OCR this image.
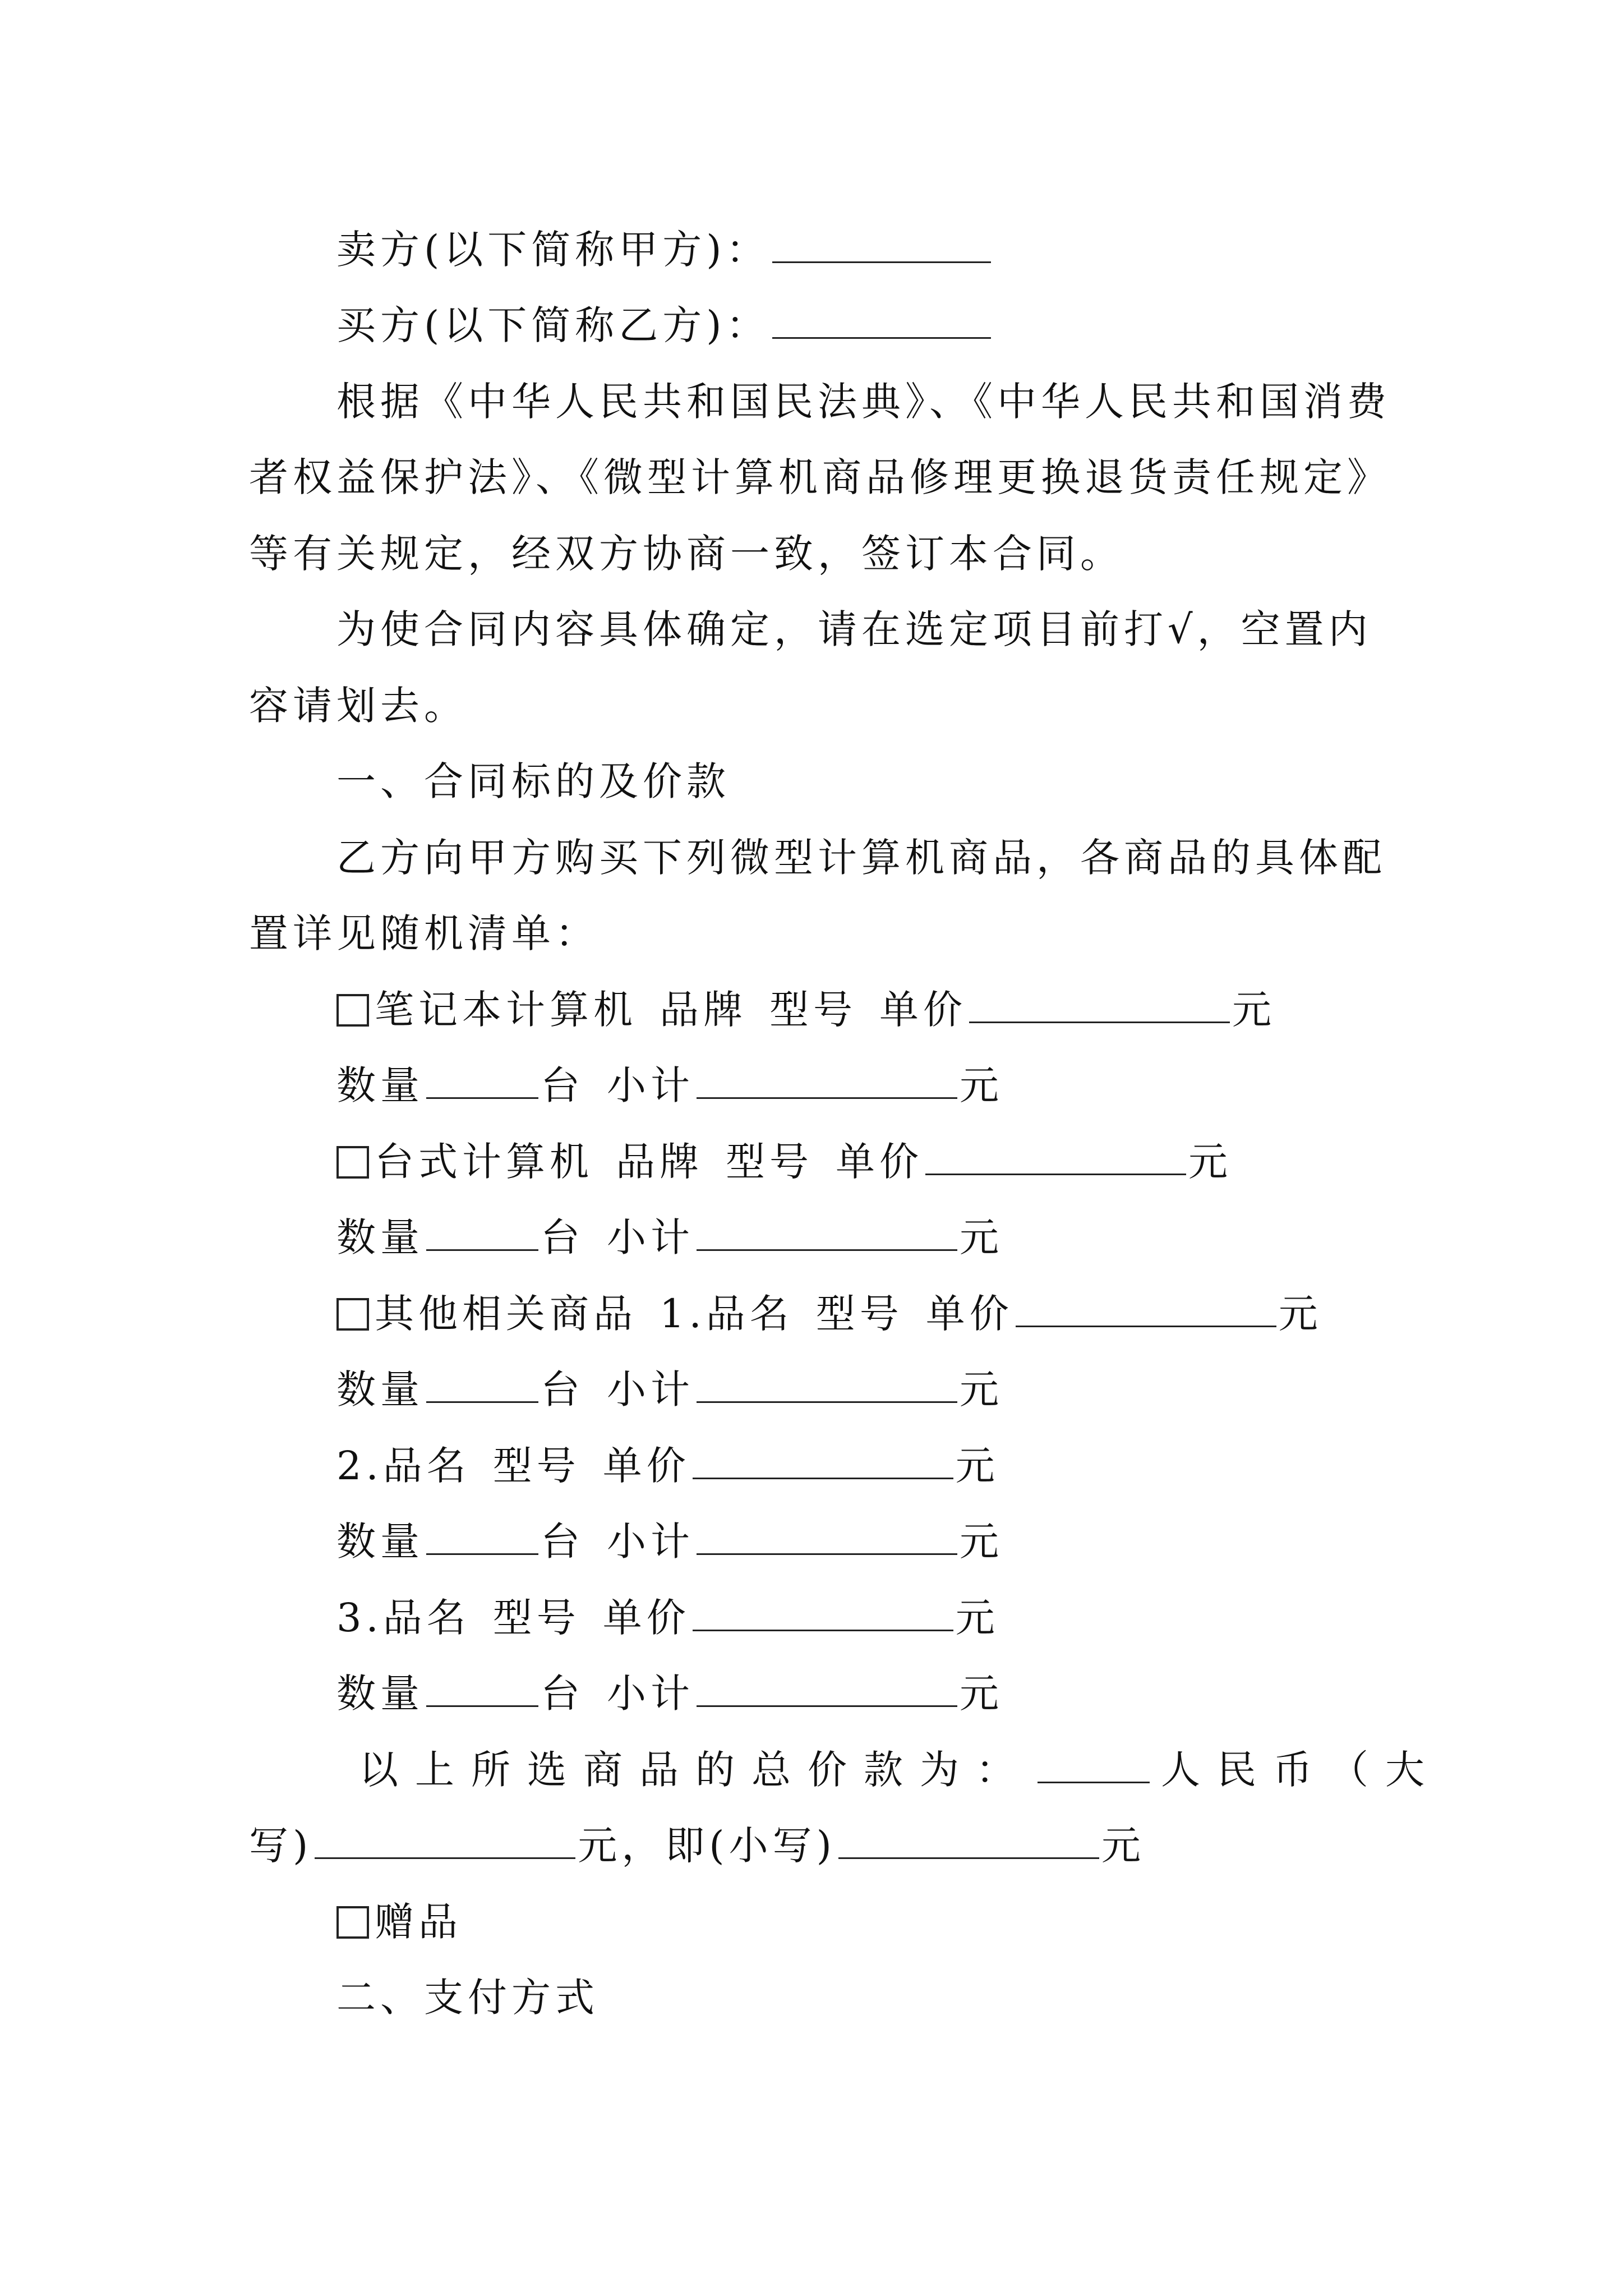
卖方(以下简称甲方)：
买方(以下简称乙方)：
根据《中华人民共和国民法典》、《中华人民共和国消费
者权益保护法》、《微型计算机商品修理更换退货责任规定》
等有关规定，经双方协商一致，签订本合同。
为使合同内容具体确定，请在选定项目前打√，空置内
容请划去。
一、合同标的及价款
乙方向甲方购买下列微型计算机商品，各商品的具体配
置详见随机清单：
笔记本计算机 品牌 型号 单价	元
数量	台 小计	元
台式计算机 品牌 型号 单价	元
数量	台 小计	元
其他相关商品 1.品名 型号 单价	元
数量	台 小计	元
2.品名 型号 单价	元
数量	台 小计	元
3.品名 型号 单价	元
数量	台 小计	元
以上所选商品的总价款为：	人民币（大
写)	元，即(小写)	元
赠品
二、支付方式
